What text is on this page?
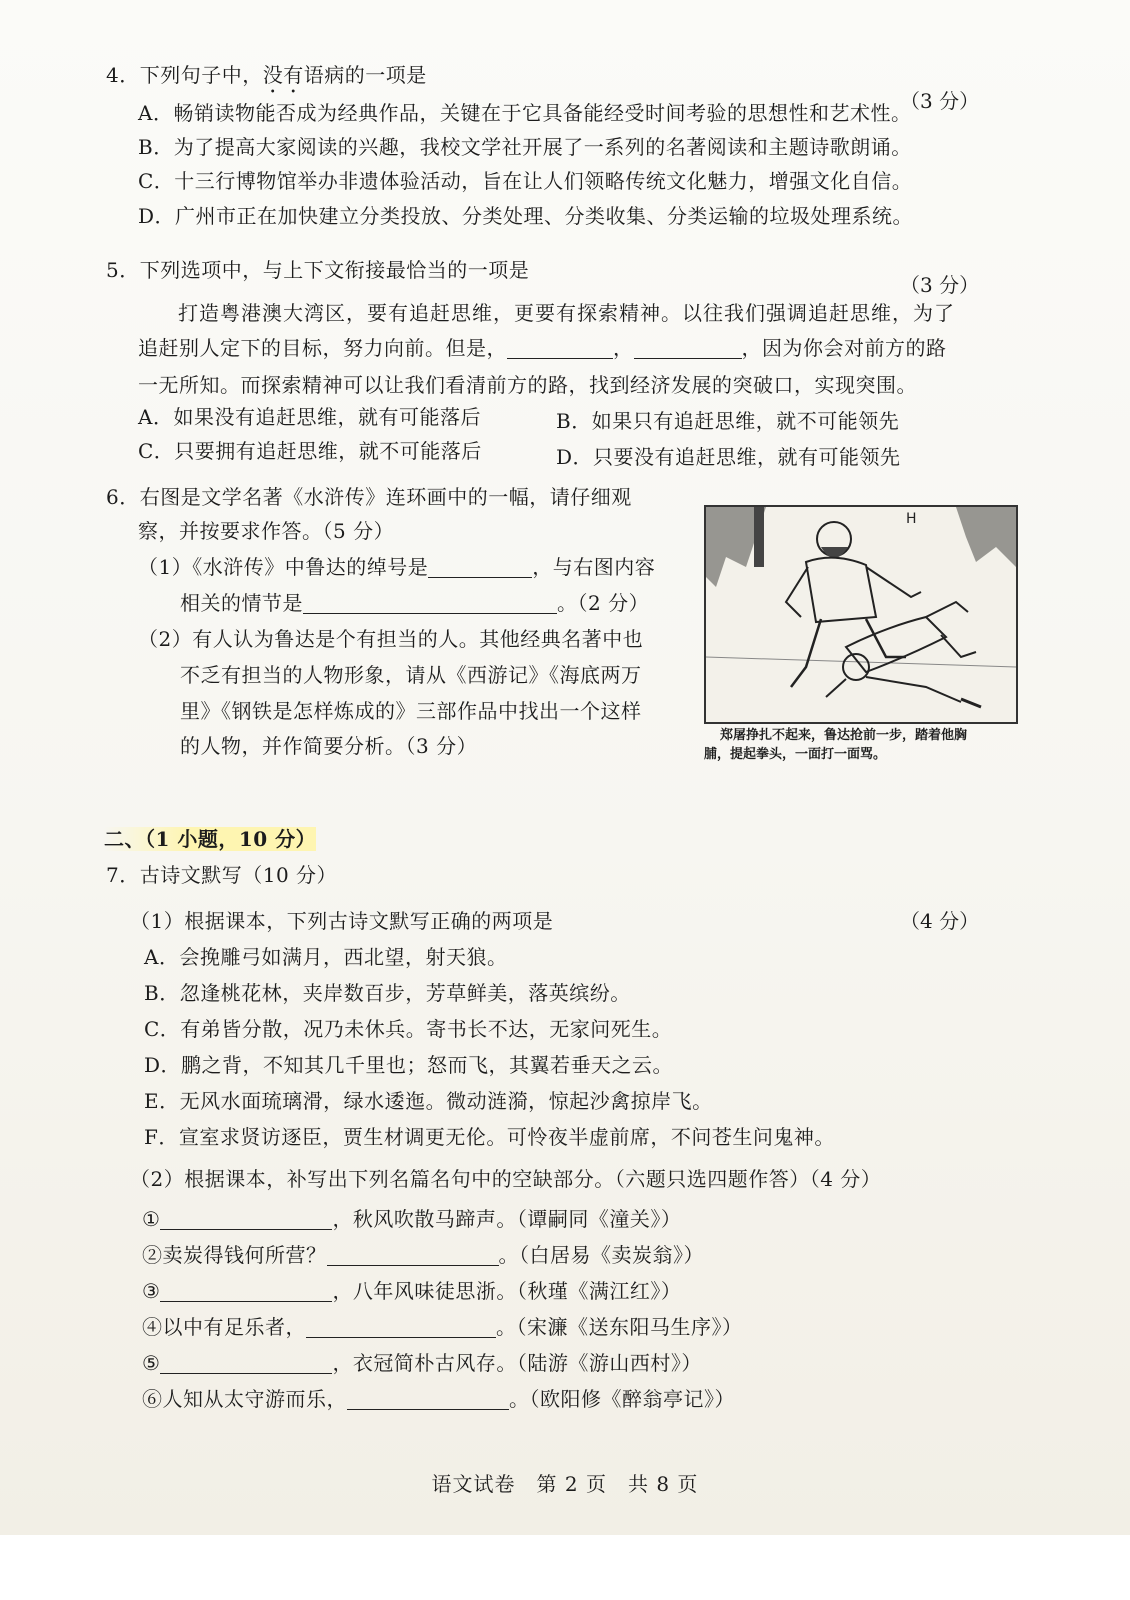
4．下列句子中，没有语病的一项是
（3 分）
A．畅销读物能否成为经典作品，关键在于它具备能经受时间考验的思想性和艺术性。
B．为了提高大家阅读的兴趣，我校文学社开展了一系列的名著阅读和主题诗歌朗诵。
C．十三行博物馆举办非遗体验活动，旨在让人们领略传统文化魅力，增强文化自信。
D．广州市正在加快建立分类投放、分类处理、分类收集、分类运输的垃圾处理系统。
5．下列选项中，与上下文衔接最恰当的一项是
（3 分）
打造粤港澳大湾区，要有追赶思维，更要有探索精神。以往我们强调追赶思维，为了
追赶别人定下的目标，努力向前。但是，	，	，因为你会对前方的路
一无所知。而探索精神可以让我们看清前方的路，找到经济发展的突破口，实现突围。
A．如果没有追赶思维，就有可能落后	B．如果只有追赶思维，就不可能领先
C．只要拥有追赶思维，就不可能落后	D．只要没有追赶思维，就有可能领先
6．右图是文学名著《水浒传》连环画中的一幅，请仔细观
察，并按要求作答。（5 分）
（1）《水浒传》中鲁达的绰号是	，与右图内容
相关的情节是	。（2 分）
（2）有人认为鲁达是个有担当的人。其他经典名著中也
不乏有担当的人物形象，请从《西游记》《海底两万
里》《钢铁是怎样炼成的》三部作品中找出一个这样
的人物，并作简要分析。（3 分）
H
郑屠挣扎不起来，鲁达抢前一步，踏着他胸
脯，提起拳头，一面打一面骂。
二、（1 小题，10 分）
7．古诗文默写（10 分）
（1）根据课本，下列古诗文默写正确的两项是	（4 分）
A．会挽雕弓如满月，西北望，射天狼。
B．忽逢桃花林，夹岸数百步，芳草鲜美，落英缤纷。
C．有弟皆分散，况乃未休兵。寄书长不达，无家问死生。
D．鹏之背，不知其几千里也；怒而飞，其翼若垂天之云。
E．无风水面琉璃滑，绿水逶迤。微动涟漪，惊起沙禽掠岸飞。
F．宣室求贤访逐臣，贾生材调更无伦。可怜夜半虚前席，不问苍生问鬼神。
（2）根据课本，补写出下列名篇名句中的空缺部分。（六题只选四题作答）（4 分）
①	，秋风吹散马蹄声。（谭嗣同《潼关》）
②卖炭得钱何所营？	。（白居易《卖炭翁》）
③	，八年风味徒思浙。（秋瑾《满江红》）
④以中有足乐者，	。（宋濂《送东阳马生序》）
⑤	，衣冠简朴古风存。（陆游《游山西村》）
⑥人知从太守游而乐，	。（欧阳修《醉翁亭记》）
语文试卷　第 2 页　共 8 页
